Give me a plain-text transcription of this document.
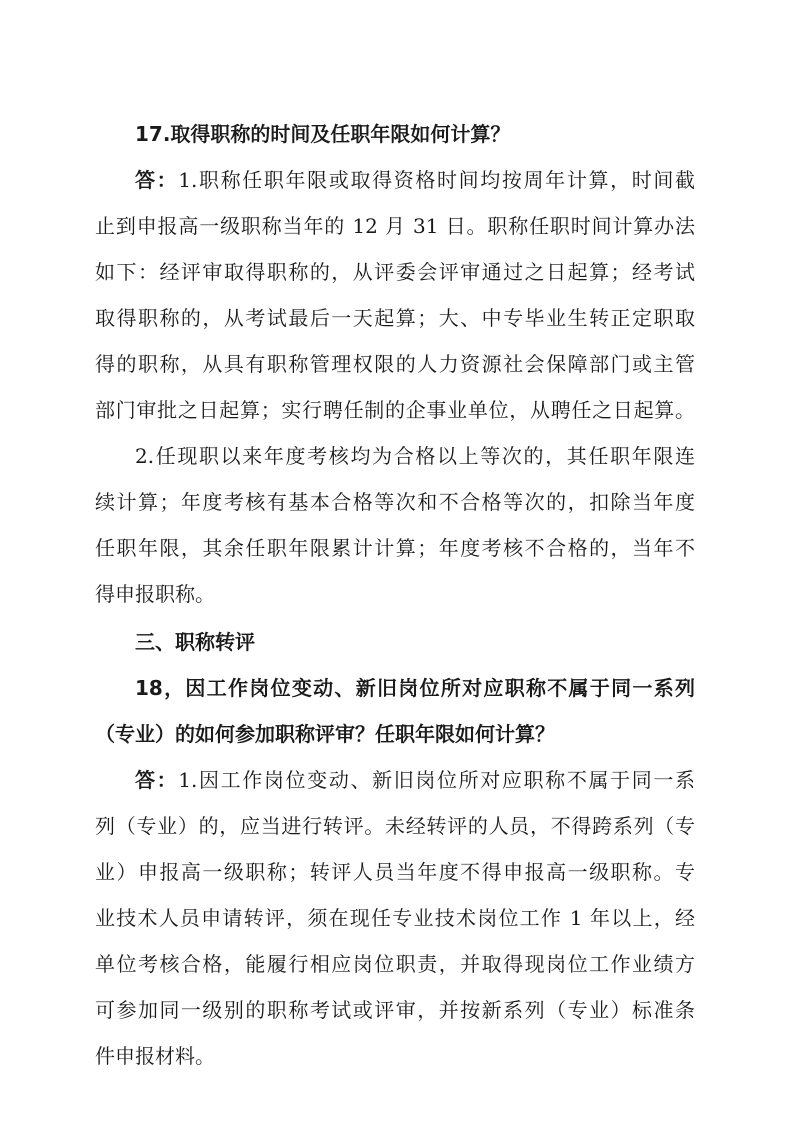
17.取得职称的时间及任职年限如何计算？
答：1.职称任职年限或取得资格时间均按周年计算，时间截
止到申报高一级职称当年的 12 月 31 日。职称任职时间计算办法
如下：经评审取得职称的，从评委会评审通过之日起算；经考试
取得职称的，从考试最后一天起算；大、中专毕业生转正定职取
得的职称，从具有职称管理权限的人力资源社会保障部门或主管
部门审批之日起算；实行聘任制的企事业单位，从聘任之日起算。
2.任现职以来年度考核均为合格以上等次的，其任职年限连
续计算；年度考核有基本合格等次和不合格等次的，扣除当年度
任职年限，其余任职年限累计计算；年度考核不合格的，当年不
得申报职称。
三、职称转评
18，因工作岗位变动、新旧岗位所对应职称不属于同一系列
（专业）的如何参加职称评审？任职年限如何计算？
答：1.因工作岗位变动、新旧岗位所对应职称不属于同一系
列（专业）的，应当进行转评。未经转评的人员，不得跨系列（专
业）申报高一级职称；转评人员当年度不得申报高一级职称。专
业技术人员申请转评，须在现任专业技术岗位工作 1 年以上，经
单位考核合格，能履行相应岗位职责，并取得现岗位工作业绩方
可参加同一级别的职称考试或评审，并按新系列（专业）标准条
件申报材料。
